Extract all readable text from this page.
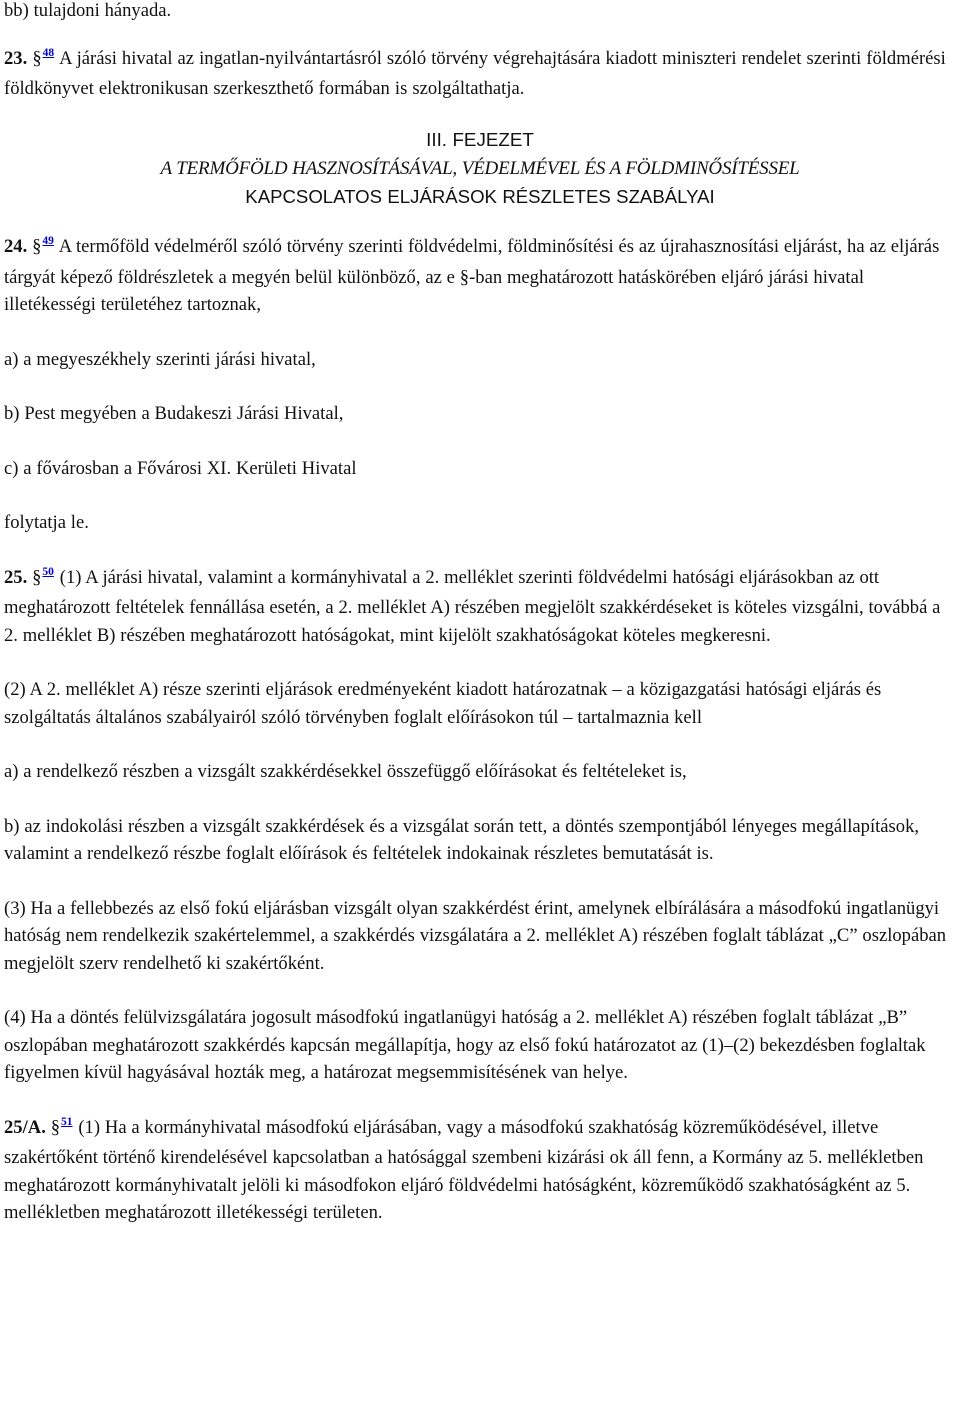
bb) tulajdoni hányada.

23. §$^{48}$ A járási hivatal az ingatlan-nyilvántartásról szóló törvény végrehajtására kiadott miniszteri rendelet szerinti földmérési földkönyvet elektronikusan szerkeszthető formában is szolgáltathatja.

III. FEJEZET

A TERMŐFÖLD HASZNOSÍTÁSÁVAL, VÉDELMÉVEL ÉS A FÖLDMINŐSÍTÉSSEL

KAPCSOLATOS ELJÁRÁSOK RÉSZLETES SZABÁLYAI

24. §$^{49}$ A termőföld védelméről szóló törvény szerinti földvédelmi, földminősítési és az újrahasznosítási eljárást, ha az eljárás tárgyát képező földrészletek a megyén belül különböző, az e §-ban meghatározott hatáskörében eljáró járási hivatal illetékességi területéhez tartoznak,

a) a megyeszékhely szerinti járási hivatal,

b) Pest megyében a Budakeszi Járási Hivatal,

c) a fővárosban a Fővárosi XI. Kerületi Hivatal

folytatja le.

25. §$^{50}$ (1) A járási hivatal, valamint a kormányhivatal a 2. melléklet szerinti földvédelmi hatósági eljárásokban az ott meghatározott feltételek fennállása esetén, a 2. melléklet A) részében megjelölt szakkérdéseket is köteles vizsgálni, továbbá a 2. melléklet B) részében meghatározott hatóságokat, mint kijelölt szakhatóságokat köteles megkeresni.

(2) A 2. melléklet A) része szerinti eljárások eredményeként kiadott határozatnak – a közigazgatási hatósági eljárás és szolgáltatás általános szabályairól szóló törvényben foglalt előírásokon túl – tartalmaznia kell

a) a rendelkező részben a vizsgált szakkérdésekkel összefüggő előírásokat és feltételeket is,

b) az indokolási részben a vizsgált szakkérdések és a vizsgálat során tett, a döntés szempontjából lényeges megállapítások, valamint a rendelkező részbe foglalt előírások és feltételek indokainak részletes bemutatását is.

(3) Ha a fellebbezés az első fokú eljárásban vizsgált olyan szakkérdést érint, amelynek elbírálására a másodfokú ingatlanügyi hatóság nem rendelkezik szakértelemmel, a szakkérdés vizsgálatára a 2. melléklet A) részében foglalt táblázat „C” oszlopában megjelölt szerv rendelhető ki szakértőként.

(4) Ha a döntés felülvizsgálatára jogosult másodfokú ingatlanügyi hatóság a 2. melléklet A) részében foglalt táblázat „B” oszlopában meghatározott szakkérdés kapcsán megállapítja, hogy az első fokú határozatot az (1)–(2) bekezdésben foglaltak figyelmen kívül hagyásával hozták meg, a határozat megsemmisítésének van helye.

25/A. §$^{51}$ (1) Ha a kormányhivatal másodfokú eljárásában, vagy a másodfokú szakhatóság közreműködésével, illetve szakértőként történő kirendelésével kapcsolatban a hatósággal szembeni kizárási ok áll fenn, a Kormány az 5. mellékletben meghatározott kormányhivatalt jelöli ki másodfokon eljáró földvédelmi hatóságként, közreműködő szakhatóságként az 5. mellékletben meghatározott illetékességi területen.
